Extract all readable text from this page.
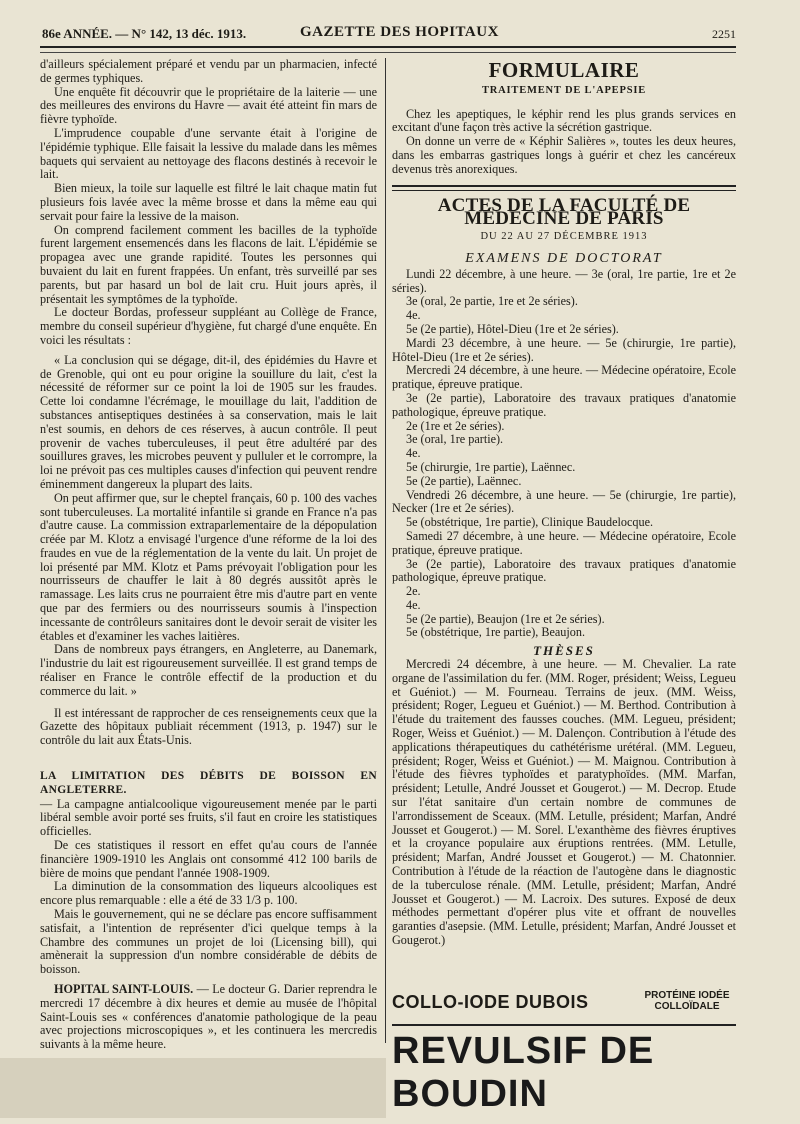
86e ANNÉE. — N° 142, 13 déc. 1913.	GAZETTE DES HOPITAUX	2251

d'ailleurs spécialement préparé et vendu par un pharmacien, infecté de germes typhiques.

Une enquête fit découvrir que le propriétaire de la laiterie — une des meilleures des environs du Havre — avait été atteint fin mars de fièvre typhoïde.

L'imprudence coupable d'une servante était à l'origine de l'épidémie typhique. Elle faisait la lessive du malade dans les mêmes baquets qui servaient au nettoyage des flacons destinés à recevoir le lait.

Bien mieux, la toile sur laquelle est filtré le lait chaque matin fut plusieurs fois lavée avec la même brosse et dans la même eau qui servait pour faire la lessive de la maison.

On comprend facilement comment les bacilles de la typhoïde furent largement ensemencés dans les flacons de lait. L'épidémie se propagea avec une grande rapidité. Toutes les personnes qui buvaient du lait en furent frappées. Un enfant, très surveillé par ses parents, but par hasard un bol de lait cru. Huit jours après, il présentait les symptômes de la typhoïde.

Le docteur Bordas, professeur suppléant au Collège de France, membre du conseil supérieur d'hygiène, fut chargé d'une enquête. En voici les résultats :

« La conclusion qui se dégage, dit-il, des épidémies du Havre et de Grenoble, qui ont eu pour origine la souillure du lait, c'est la nécessité de réformer sur ce point la loi de 1905 sur les fraudes. Cette loi condamne l'écrémage, le mouillage du lait, l'addition de substances antiseptiques destinées à sa conservation, mais le lait n'est soumis, en dehors de ces réserves, à aucun contrôle. Il peut provenir de vaches tuberculeuses, il peut être adultéré par des souillures graves, les microbes peuvent y pulluler et le corrompre, la loi ne prévoit pas ces multiples causes d'infection qui peuvent rendre éminemment dangereux la plupart des laits.

On peut affirmer que, sur le cheptel français, 60 p. 100 des vaches sont tuberculeuses. La mortalité infantile si grande en France n'a pas d'autre cause. La commission extraparlementaire de la dépopulation créée par M. Klotz a envisagé l'urgence d'une réforme de la loi des fraudes en vue de la réglementation de la vente du lait. Un projet de loi présenté par MM. Klotz et Pams prévoyait l'obligation pour les nourrisseurs de chauffer le lait à 80 degrés aussitôt après le ramassage. Les laits crus ne pourraient être mis d'autre part en vente que par des fermiers ou des nourrisseurs soumis à l'inspection incessante de contrôleurs sanitaires dont le devoir serait de visiter les étables et d'examiner les vaches laitières.

Dans de nombreux pays étrangers, en Angleterre, au Danemark, l'industrie du lait est rigoureusement surveillée. Il est grand temps de réaliser en France le contrôle effectif de la production et du commerce du lait. »

Il est intéressant de rapprocher de ces renseignements ceux que la Gazette des hôpitaux publiait récemment (1913, p. 1947) sur le contrôle du lait aux États-Unis.

LA LIMITATION DES DÉBITS DE BOISSON EN ANGLETERRE.

— La campagne antialcoolique vigoureusement menée par le parti libéral semble avoir porté ses fruits, s'il faut en croire les statistiques officielles.

De ces statistiques il ressort en effet qu'au cours de l'année financière 1909-1910 les Anglais ont consommé 412 100 barils de bière de moins que pendant l'année 1908-1909.

La diminution de la consommation des liqueurs alcooliques est encore plus remarquable : elle a été de 33 1/3 p. 100.

Mais le gouvernement, qui ne se déclare pas encore suffisamment satisfait, a l'intention de représenter d'ici quelque temps à la Chambre des communes un projet de loi (Licensing bill), qui amènerait la suppression d'un nombre considérable de débits de boisson.

HOPITAL SAINT-LOUIS. — Le docteur G. Darier reprendra le mercredi 17 décembre à dix heures et demie au musée de l'hôpital Saint-Louis ses « conférences d'anatomie pathologique de la peau avec projections microscopiques », et les continuera les mercredis suivants à la même heure.

FORMULAIRE
TRAITEMENT DE L'APEPSIE

Chez les apeptiques, le képhir rend les plus grands services en excitant d'une façon très active la sécrétion gastrique.

On donne un verre de « Képhir Salières », toutes les deux heures, dans les embarras gastriques longs à guérir et chez les cancéreux devenus très anorexiques.

ACTES DE LA FACULTÉ DE MÉDECINE DE PARIS
DU 22 AU 27 DÉCEMBRE 1913
EXAMENS DE DOCTORAT

Lundi 22 décembre, à une heure. — 3e (oral, 1re partie, 1re et 2e séries).

3e (oral, 2e partie, 1re et 2e séries).

4e.

5e (2e partie), Hôtel-Dieu (1re et 2e séries).

Mardi 23 décembre, à une heure. — 5e (chirurgie, 1re partie), Hôtel-Dieu (1re et 2e séries).

Mercredi 24 décembre, à une heure. — Médecine opératoire, Ecole pratique, épreuve pratique.

3e (2e partie), Laboratoire des travaux pratiques d'anatomie pathologique, épreuve pratique.

2e (1re et 2e séries).

3e (oral, 1re partie).

4e.

5e (chirurgie, 1re partie), Laënnec.

5e (2e partie), Laënnec.

Vendredi 26 décembre, à une heure. — 5e (chirurgie, 1re partie), Necker (1re et 2e séries).

5e (obstétrique, 1re partie), Clinique Baudelocque.

Samedi 27 décembre, à une heure. — Médecine opératoire, Ecole pratique, épreuve pratique.

3e (2e partie), Laboratoire des travaux pratiques d'anatomie pathologique, épreuve pratique.

2e.

4e.

5e (2e partie), Beaujon (1re et 2e séries).

5e (obstétrique, 1re partie), Beaujon.

THÈSES

Mercredi 24 décembre, à une heure. — M. Chevalier. La rate organe de l'assimilation du fer. (MM. Roger, président; Weiss, Legueu et Guéniot.) — M. Fourneau. Terrains de jeux. (MM. Weiss, président; Roger, Legueu et Guéniot.) — M. Berthod. Contribution à l'étude du traitement des fausses couches. (MM. Legueu, président; Roger, Weiss et Guéniot.) — M. Dalençon. Contribution à l'étude des applications thérapeutiques du cathétérisme urétéral. (MM. Legueu, président; Roger, Weiss et Guéniot.) — M. Maignou. Contribution à l'étude des fièvres typhoïdes et paratyphoïdes. (MM. Marfan, président; Letulle, André Jousset et Gougerot.) — M. Decrop. Etude sur l'état sanitaire d'un certain nombre de communes de l'arrondissement de Sceaux. (MM. Letulle, président; Marfan, André Jousset et Gougerot.) — M. Sorel. L'exanthème des fièvres éruptives et la croyance populaire aux éruptions rentrées. (MM. Letulle, président; Marfan, André Jousset et Gougerot.) — M. Chatonnier. Contribution à l'étude de la réaction de l'autogène dans le diagnostic de la tuberculose rénale. (MM. Letulle, président; Marfan, André Jousset et Gougerot.) — M. Lacroix. Des sutures. Exposé de deux méthodes permettant d'opérer plus vite et offrant de nouvelles garanties d'asepsie. (MM. Letulle, président; Marfan, André Jousset et Gougerot.)

COLLO-IODE DUBOIS	PROTÉINE IODÉE COLLOÏDALE
REVULSIF DE BOUDIN
